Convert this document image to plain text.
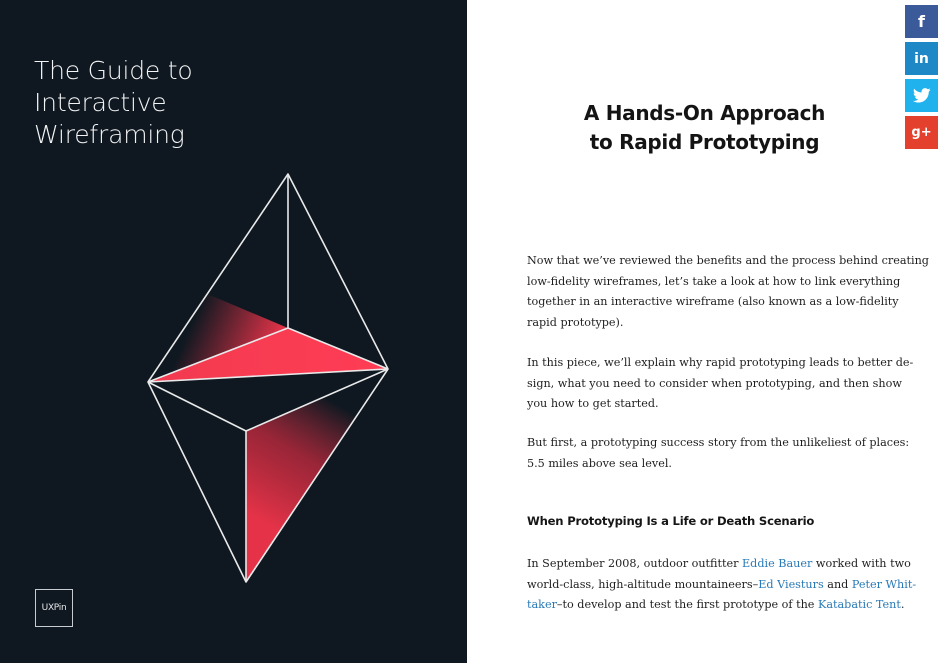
The Guide to
Interactive
Wireframing
UXPin
A Hands-On Approach
to Rapid Prototyping
Now that we’ve reviewed the benefits and the process behind creating
low-fidelity wireframes, let’s take a look at how to link everything
together in an interactive wireframe (also known as a low-fidelity
rapid prototype).
In this piece, we’ll explain why rapid prototyping leads to better de-
sign, what you need to consider when prototyping, and then show
you how to get started.
But first, a prototyping success story from the unlikeliest of places:
5.5 miles above sea level.
When Prototyping Is a Life or Death Scenario
In September 2008, outdoor outfitter Eddie Bauer worked with two
world-class, high-altitude mountaineers–Ed Viesturs and Peter Whit-
taker–to develop and test the first prototype of the Katabatic Tent.
f
in
g+
